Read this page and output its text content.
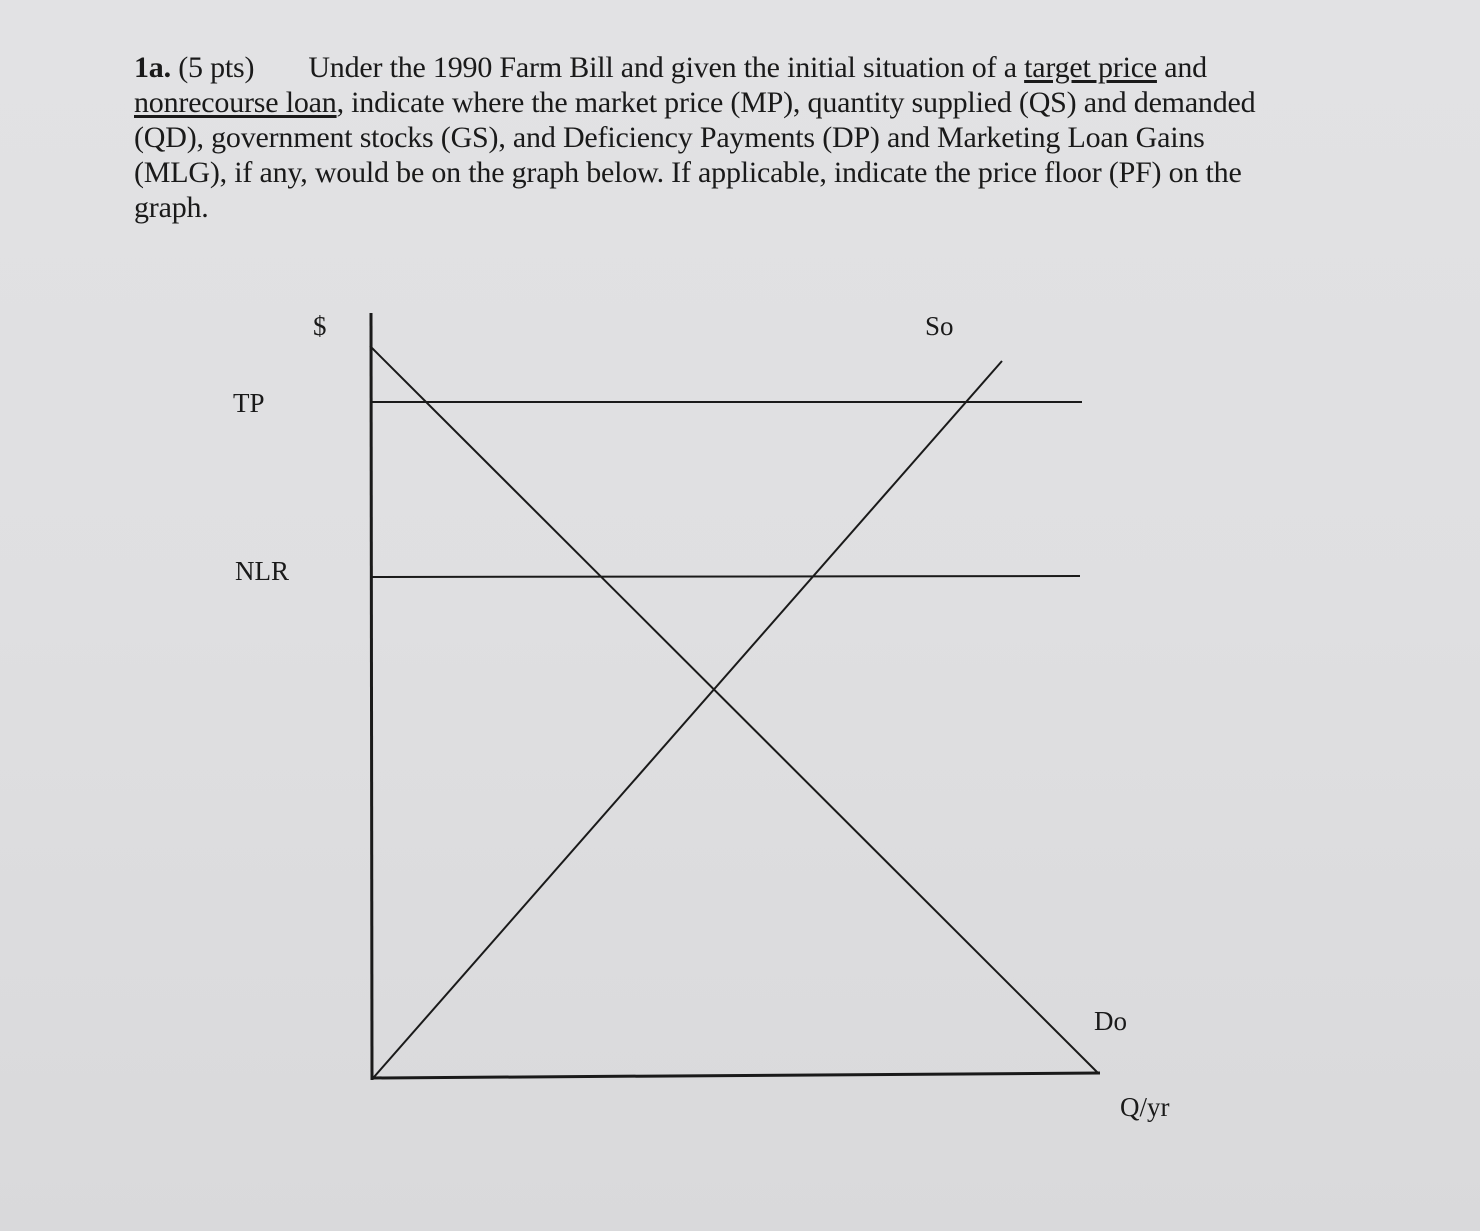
1a. (5 pts) Under the 1990 Farm Bill and given the initial situation of a target price and
nonrecourse loan, indicate where the market price (MP), quantity supplied (QS) and demanded
(QD), government stocks (GS), and Deficiency Payments (DP) and Marketing Loan Gains
(MLG), if any, would be on the graph below. If applicable, indicate the price floor (PF) on the
graph.
$	So
TP
NLR
Do
Q/yr
